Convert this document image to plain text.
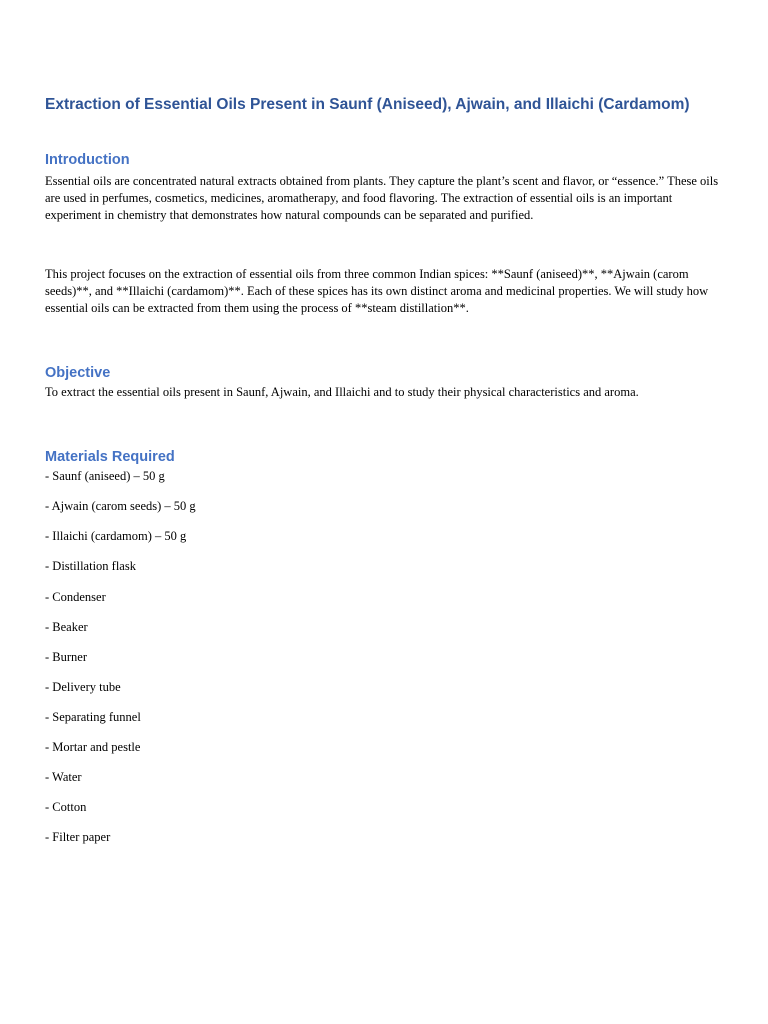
Extraction of Essential Oils Present in Saunf (Aniseed), Ajwain, and Illaichi (Cardamom)
Introduction

Essential oils are concentrated natural extracts obtained from plants. They capture the plant’s scent and flavor, or “essence.” These oils are used in perfumes, cosmetics, medicines, aromatherapy, and food flavoring. The extraction of essential oils is an important experiment in chemistry that demonstrates how natural compounds can be separated and purified.

This project focuses on the extraction of essential oils from three common Indian spices: **Saunf (aniseed)**, **Ajwain (carom seeds)**, and **Illaichi (cardamom)**. Each of these spices has its own distinct aroma and medicinal properties. We will study how essential oils can be extracted from them using the process of **steam distillation**.

Objective

To extract the essential oils present in Saunf, Ajwain, and Illaichi and to study their physical characteristics and aroma.

Materials Required

- Saunf (aniseed) – 50 g

- Ajwain (carom seeds) – 50 g

- Illaichi (cardamom) – 50 g

- Distillation flask

- Condenser

- Beaker

- Burner

- Delivery tube

- Separating funnel

- Mortar and pestle

- Water

- Cotton

- Filter paper
